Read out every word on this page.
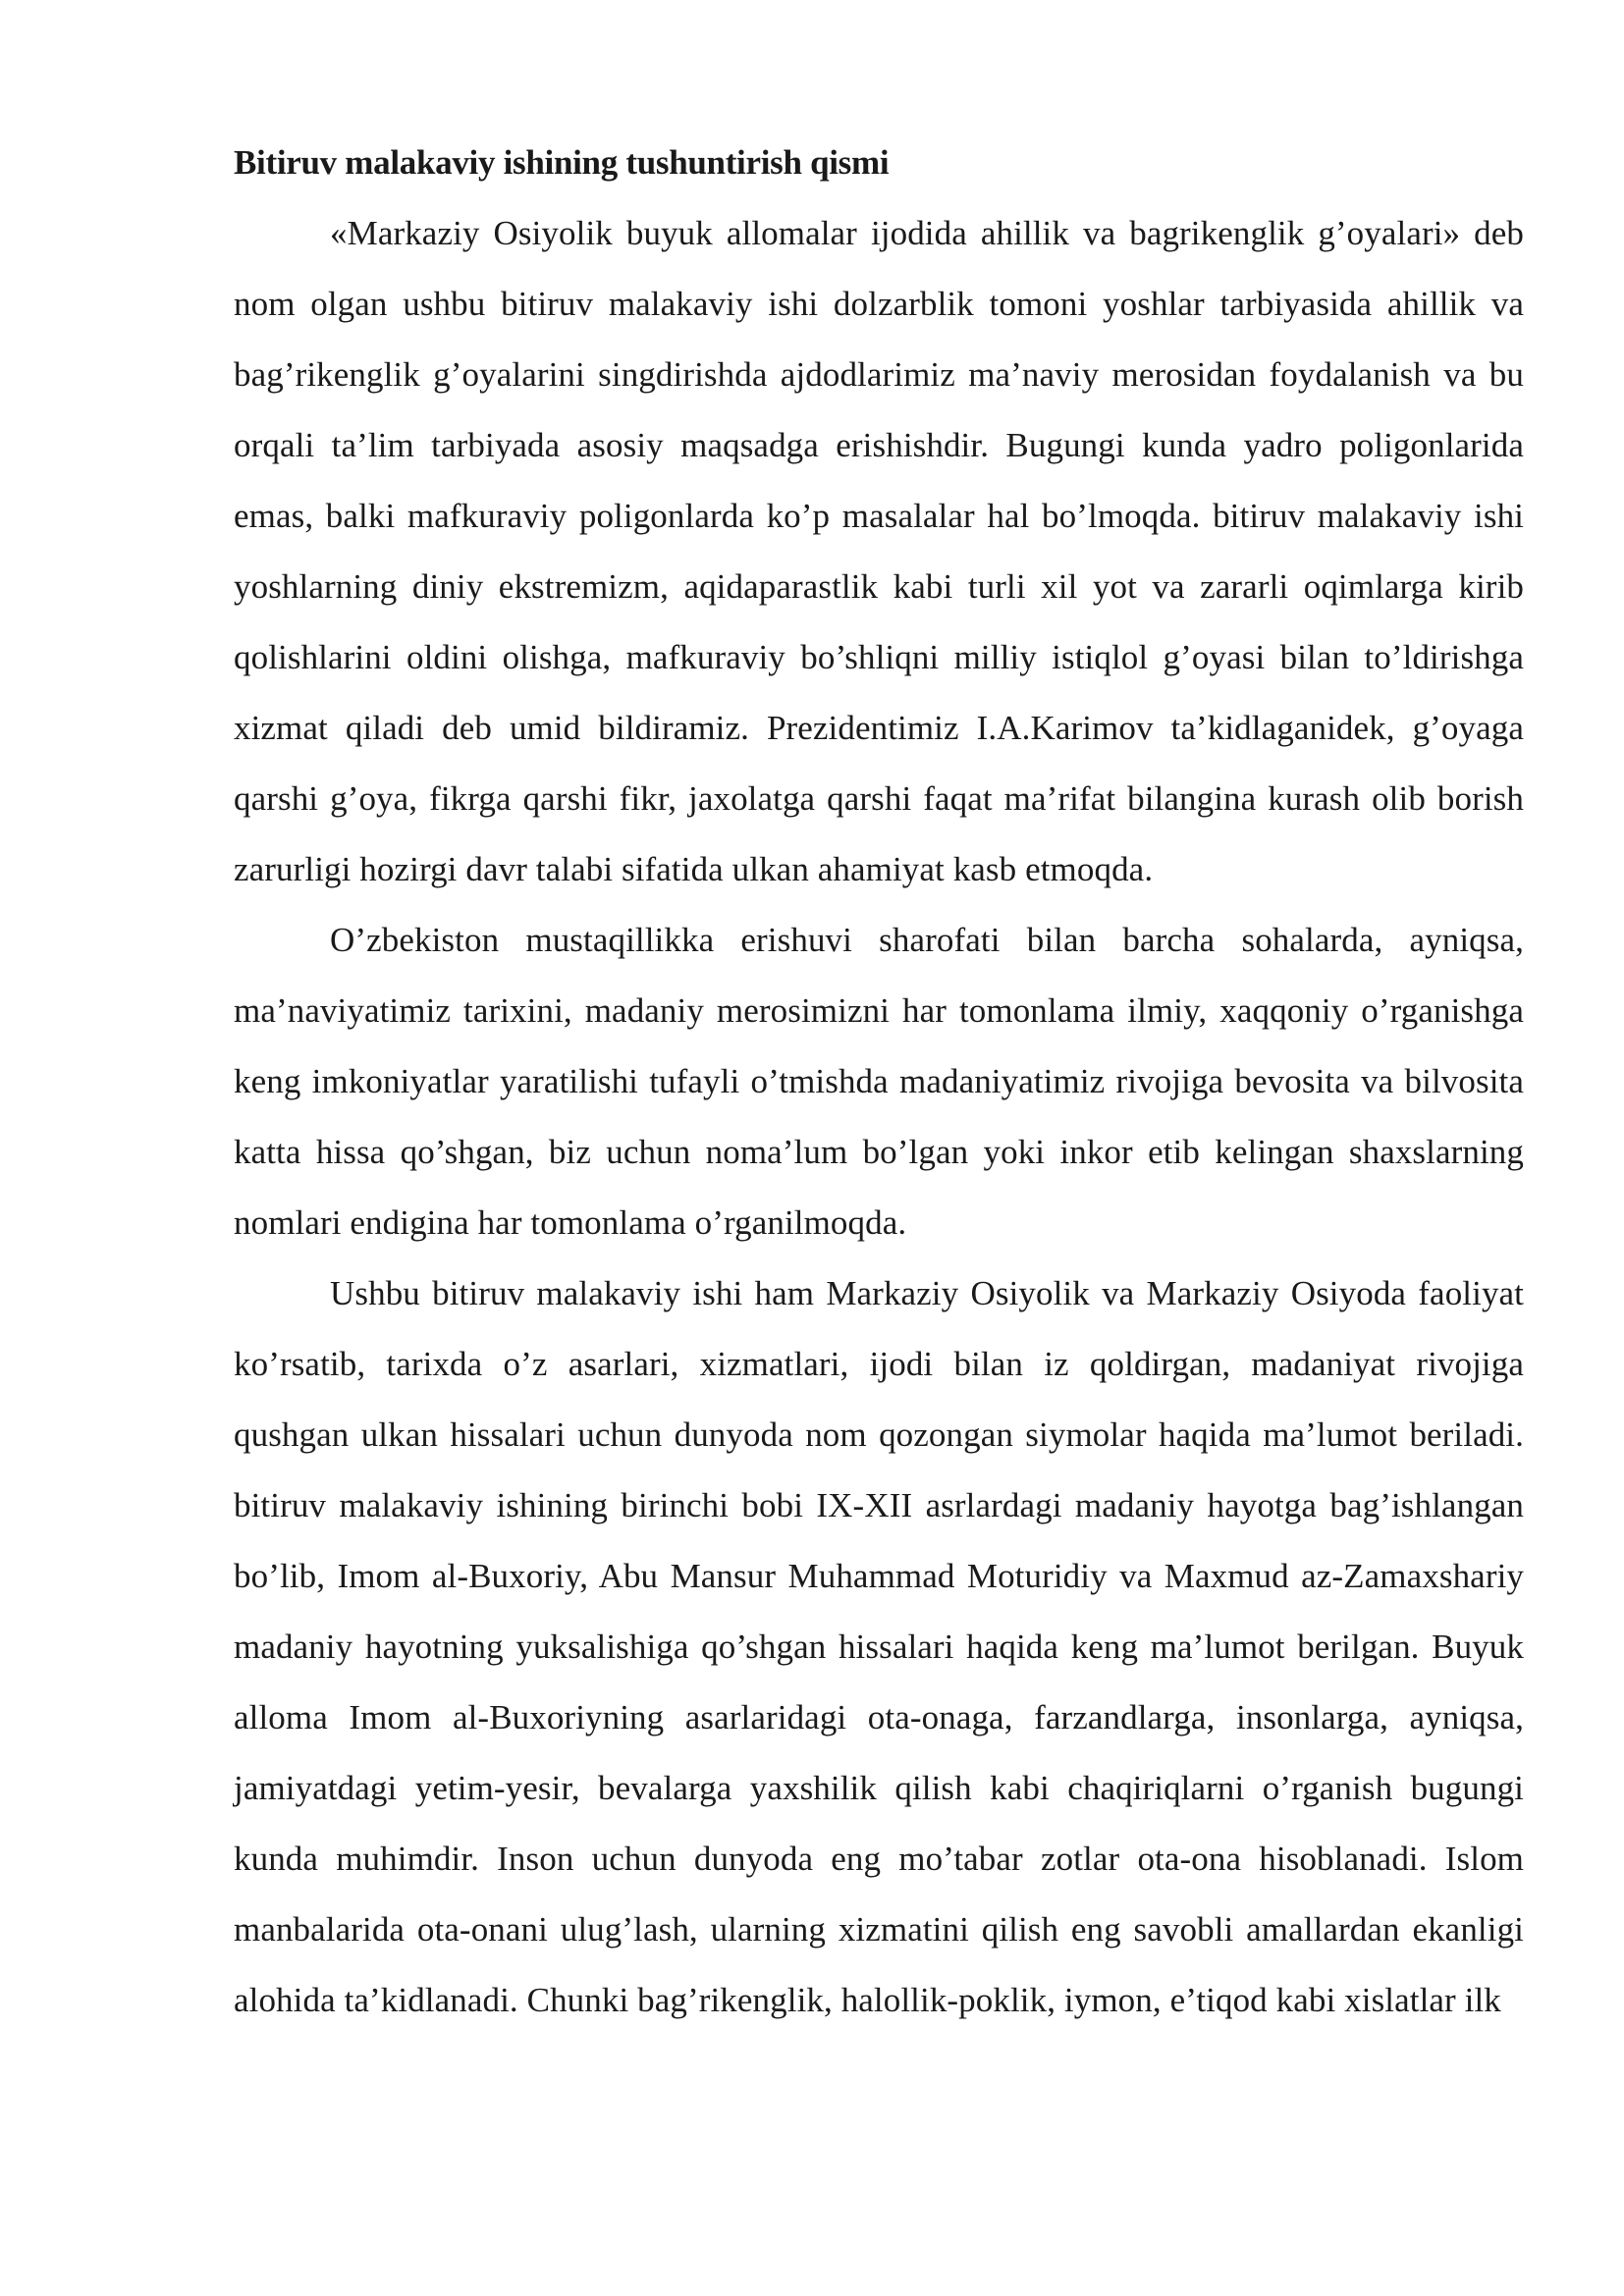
Bitiruv malakaviy ishining tushuntirish qismi

«Markaziy Osiyolik buyuk allomalar ijodida ahillik va bagrikenglik g’oyalari» deb nom olgan ushbu bitiruv malakaviy ishi dolzarblik tomoni yoshlar tarbiyasida ahillik va bag’rikenglik g’oyalarini singdirishda ajdodlarimiz ma’naviy merosidan foydalanish va bu orqali ta’lim tarbiyada asosiy maqsadga erishishdir. Bugungi kunda yadro poligonlarida emas, balki mafkuraviy poligonlarda ko’p masalalar hal bo’lmoqda. bitiruv malakaviy ishi yoshlarning diniy ekstremizm, aqidaparastlik kabi turli xil yot va zararli oqimlarga kirib qolishlarini oldini olishga, mafkuraviy bo’shliqni milliy istiqlol g’oyasi bilan to’ldirishga xizmat qiladi deb umid bildiramiz. Prezidentimiz I.A.Karimov ta’kidlaganidek, g’oyaga qarshi g’oya, fikrga qarshi fikr, jaxolatga qarshi faqat ma’rifat bilangina kurash olib borish zarurligi hozirgi davr talabi sifatida ulkan ahamiyat kasb etmoqda.

O’zbekiston mustaqillikka erishuvi sharofati bilan barcha sohalarda, ayniqsa, ma’naviyatimiz tarixini, madaniy merosimizni har tomonlama ilmiy, xaqqoniy o’rganishga keng imkoniyatlar yaratilishi tufayli o’tmishda madaniyatimiz rivojiga bevosita va bilvosita katta hissa qo’shgan, biz uchun noma’lum bo’lgan yoki inkor etib kelingan shaxslarning nomlari endigina har tomonlama o’rganilmoqda.

Ushbu bitiruv malakaviy ishi ham Markaziy Osiyolik va Markaziy Osiyoda faoliyat ko’rsatib, tarixda o’z asarlari, xizmatlari, ijodi bilan iz qoldirgan, madaniyat rivojiga qushgan ulkan hissalari uchun dunyoda nom qozongan siymolar haqida ma’lumot beriladi. bitiruv malakaviy ishining birinchi bobi IX-XII asrlardagi madaniy hayotga bag’ishlangan bo’lib, Imom al-Buxoriy, Abu Mansur Muhammad Moturidiy va Maxmud az-Zamaxshariy madaniy hayotning yuksalishiga qo’shgan hissalari haqida keng ma’lumot berilgan. Buyuk alloma Imom al-Buxoriyning asarlaridagi ota-onaga, farzandlarga, insonlarga, ayniqsa, jamiyatdagi yetim-yesir, bevalarga yaxshilik qilish kabi chaqiriqlarni o’rganish bugungi kunda muhimdir. Inson uchun dunyoda eng mo’tabar zotlar ota-ona hisoblanadi. Islom manbalarida ota-onani ulug’lash, ularning xizmatini qilish eng savobli amallardan ekanligi alohida ta’kidlanadi. Chunki bag’rikenglik, halollik-poklik, iymon, e’tiqod kabi xislatlar ilk
